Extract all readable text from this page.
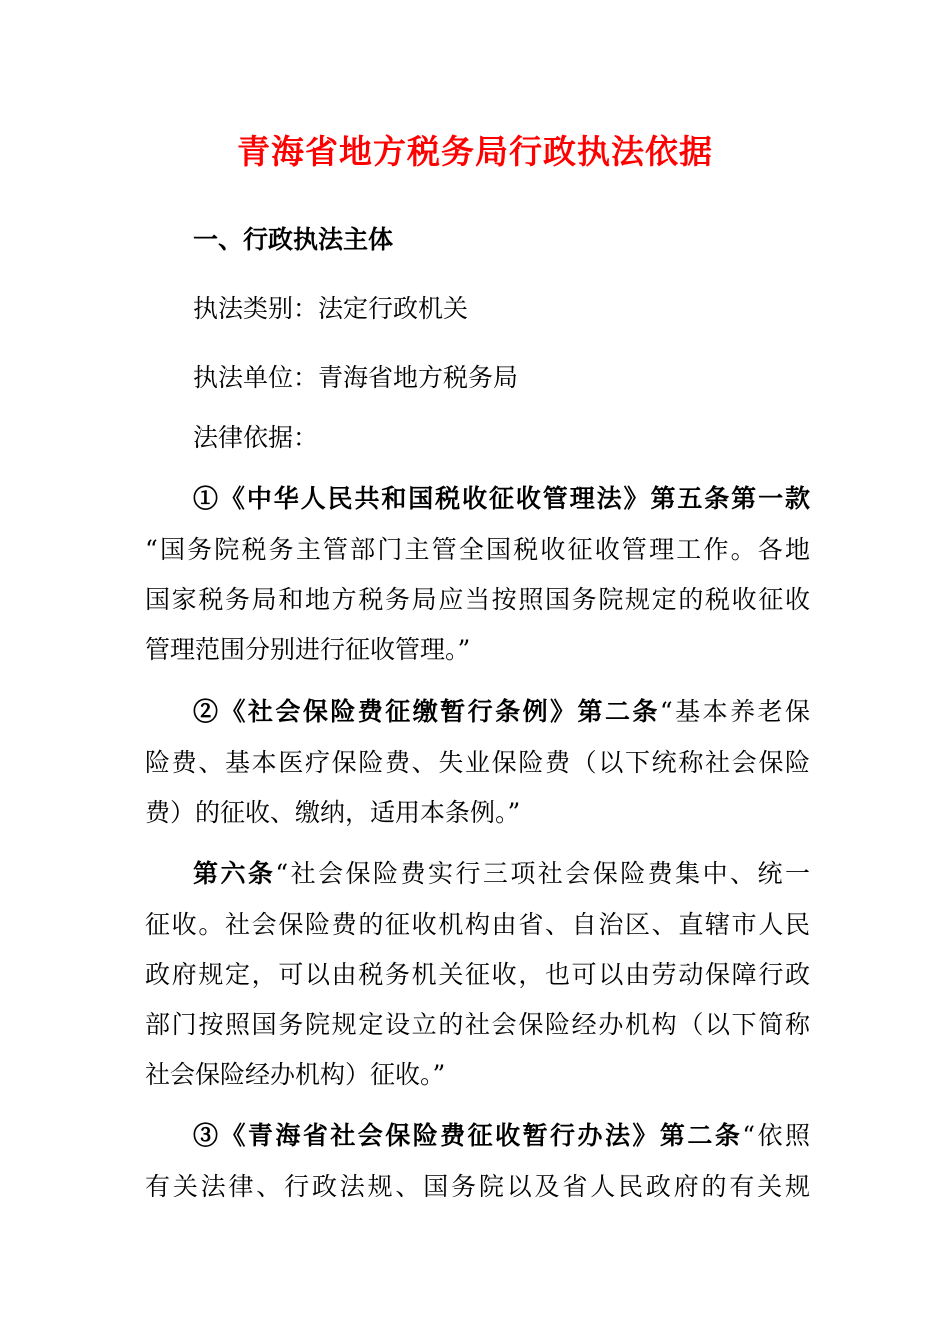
青海省地方税务局行政执法依据

一、行政执法主体

执法类别：法定行政机关

执法单位：青海省地方税务局

法律依据：

①《中华人民共和国税收征收管理法》第五条第一款

“国务院税务主管部门主管全国税收征收管理工作。各地

国家税务局和地方税务局应当按照国务院规定的税收征收

管理范围分别进行征收管理。”

②《社会保险费征缴暂行条例》第二条“基本养老保

险费、基本医疗保险费、失业保险费（以下统称社会保险

费）的征收、缴纳，适用本条例。”

第六条“社会保险费实行三项社会保险费集中、统一

征收。社会保险费的征收机构由省、自治区、直辖市人民

政府规定，可以由税务机关征收，也可以由劳动保障行政

部门按照国务院规定设立的社会保险经办机构（以下简称

社会保险经办机构）征收。”

③《青海省社会保险费征收暂行办法》第二条“依照

有关法律、行政法规、国务院以及省人民政府的有关规
